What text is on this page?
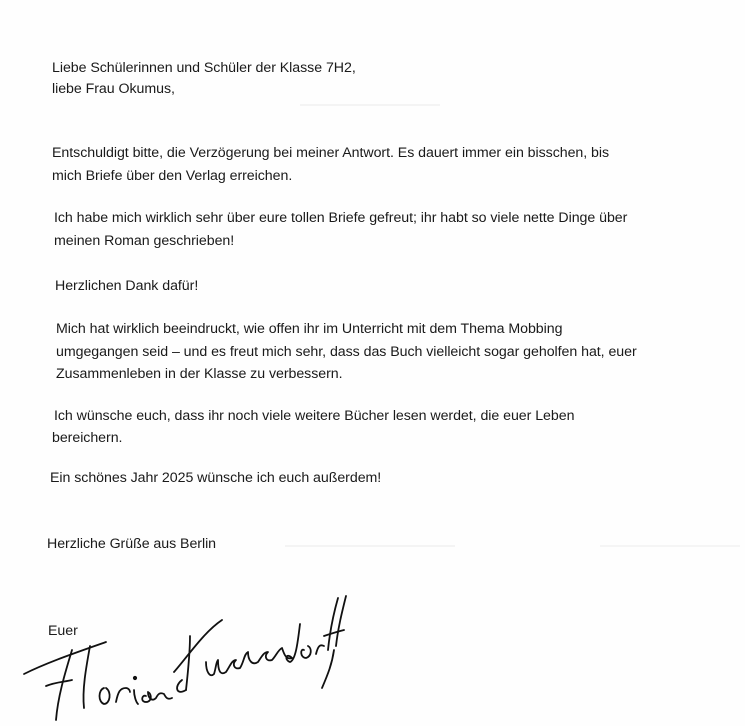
Liebe Schülerinnen und Schüler der Klasse 7H2,
liebe Frau Okumus,
Entschuldigt bitte, die Verzögerung bei meiner Antwort. Es dauert immer ein bisschen, bis
mich Briefe über den Verlag erreichen.
Ich habe mich wirklich sehr über eure tollen Briefe gefreut; ihr habt so viele nette Dinge über
meinen Roman geschrieben!
Herzlichen Dank dafür!
Mich hat wirklich beeindruckt, wie offen ihr im Unterricht mit dem Thema Mobbing
umgegangen seid – und es freut mich sehr, dass das Buch vielleicht sogar geholfen hat, euer
Zusammenleben in der Klasse zu verbessern.
Ich wünsche euch, dass ihr noch viele weitere Bücher lesen werdet, die euer Leben
bereichern.
Ein schönes Jahr 2025 wünsche ich euch außerdem!
Herzliche Grüße aus Berlin
Euer
